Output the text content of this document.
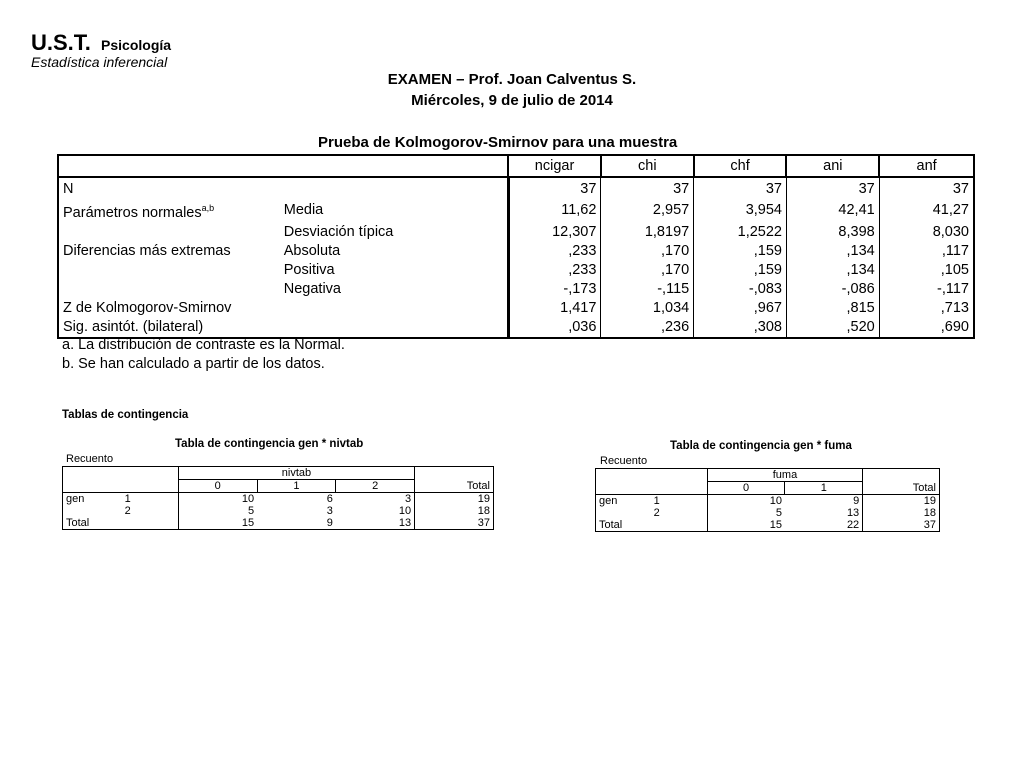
U.S.T. Psicología
Estadística inferencial
EXAMEN – Prof. Joan Calventus S.
Miércoles, 9 de julio de 2014
Prueba de Kolmogorov-Smirnov para una muestra
		ncigar	chi	chf	ani	anf
N		37	37	37	37	37
Parámetros normales$^{a,b}$	Media	11,62	2,957	3,954	42,41	41,27
	Desviación típica	12,307	1,8197	1,2522	8,398	8,030
Diferencias más extremas	Absoluta	,233	,170	,159	,134	,117
	Positiva	,233	,170	,159	,134	,105
	Negativa	-,173	-,115	-,083	-,086	-,117
Z de Kolmogorov-Smirnov		1,417	1,034	,967	,815	,713
Sig. asintót. (bilateral)		,036	,236	,308	,520	,690
a. La distribución de contraste es la Normal.
b. Se han calculado a partir de los datos.
Tablas de contingencia
Tabla de contingencia gen * nivtab
Recuento
	nivtab			Total
	0	1	2	
gen 1	10	6	3	19

2	5	3	10	18
Total	15	9	13	37
Tabla de contingencia gen * fuma
Recuento
	fuma		Total
	0	1	
gen 1	10	9	19

2	5	13	18
Total	15	22	37
